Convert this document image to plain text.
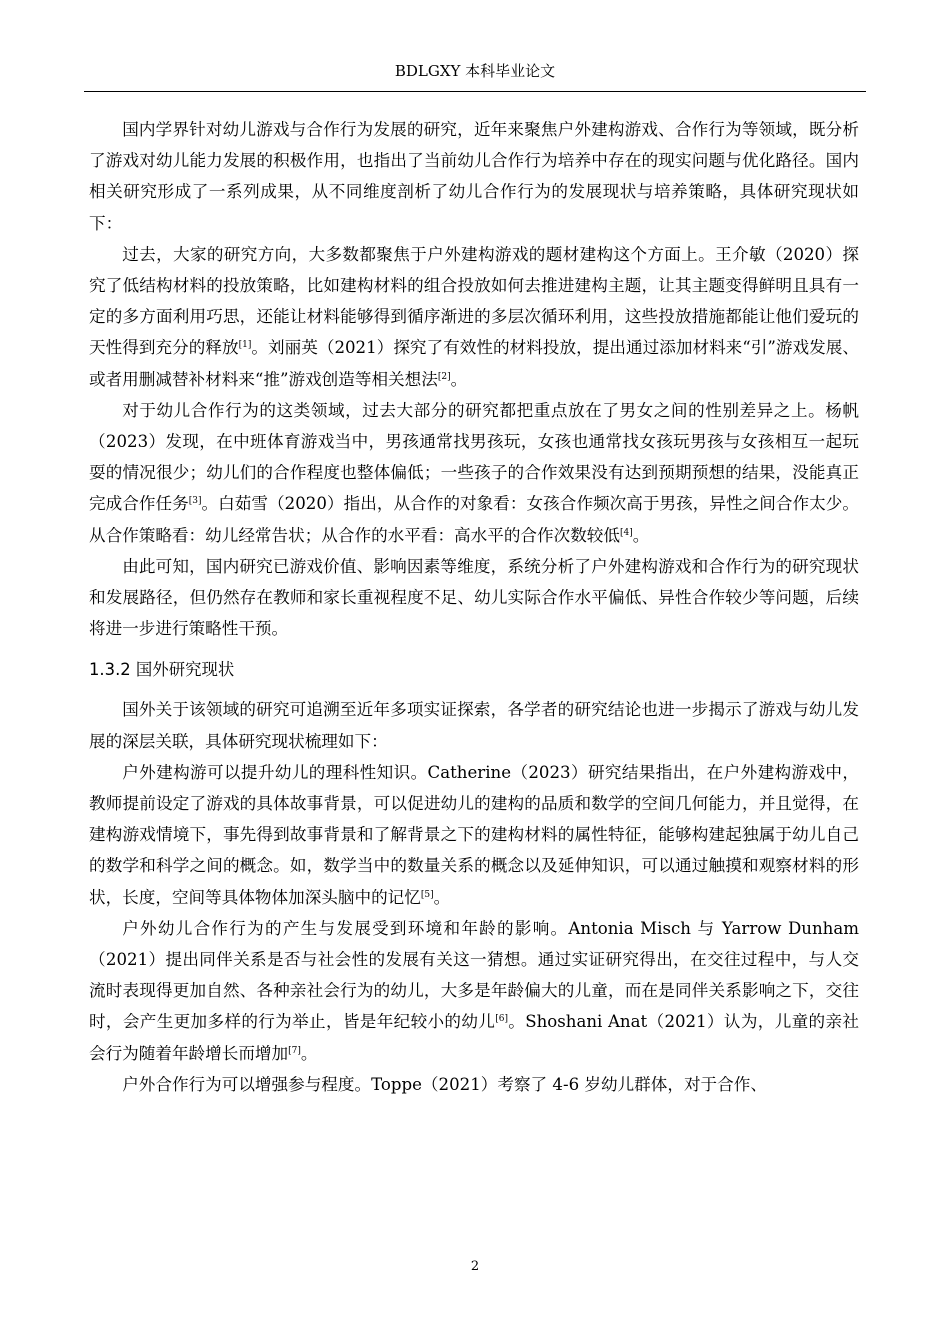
BDLGXY 本科毕业论文

国内学界针对幼儿游戏与合作行为发展的研究，近年来聚焦户外建构游戏、合作行为等领域，既分析了游戏对幼儿能力发展的积极作用，也指出了当前幼儿合作行为培养中存在的现实问题与优化路径。国内相关研究形成了一系列成果，从不同维度剖析了幼儿合作行为的发展现状与培养策略，具体研究现状如下：

过去，大家的研究方向，大多数都聚焦于户外建构游戏的题材建构这个方面上。王介敏（2020）探究了低结构材料的投放策略，比如建构材料的组合投放如何去推进建构主题，让其主题变得鲜明且具有一定的多方面利用巧思，还能让材料能够得到循序渐进的多层次循环利用，这些投放措施都能让他们爱玩的天性得到充分的释放[1]。刘丽英（2021）探究了有效性的材料投放，提出通过添加材料来“引”游戏发展、或者用删减替补材料来“推”游戏创造等相关想法[2]。

对于幼儿合作行为的这类领域，过去大部分的研究都把重点放在了男女之间的性别差异之上。杨帆（2023）发现，在中班体育游戏当中，男孩通常找男孩玩，女孩也通常找女孩玩男孩与女孩相互一起玩耍的情况很少；幼儿们的合作程度也整体偏低；一些孩子的合作效果没有达到预期预想的结果，没能真正完成合作任务[3]。白茹雪（2020）指出，从合作的对象看：女孩合作频次高于男孩，异性之间合作太少。从合作策略看：幼儿经常告状；从合作的水平看：高水平的合作次数较低[4]。

由此可知，国内研究已游戏价值、影响因素等维度，系统分析了户外建构游戏和合作行为的研究现状和发展路径，但仍然存在教师和家长重视程度不足、幼儿实际合作水平偏低、异性合作较少等问题，后续将进一步进行策略性干预。

1.3.2 国外研究现状

国外关于该领域的研究可追溯至近年多项实证探索，各学者的研究结论也进一步揭示了游戏与幼儿发展的深层关联，具体研究现状梳理如下：

户外建构游可以提升幼儿的理科性知识。Catherine（2023）研究结果指出，在户外建构游戏中，教师提前设定了游戏的具体故事背景，可以促进幼儿的建构的品质和数学的空间几何能力，并且觉得，在建构游戏情境下，事先得到故事背景和了解背景之下的建构材料的属性特征，能够构建起独属于幼儿自己的数学和科学之间的概念。如，数学当中的数量关系的概念以及延伸知识，可以通过触摸和观察材料的形状，长度，空间等具体物体加深头脑中的记忆[5]。

户外幼儿合作行为的产生与发展受到环境和年龄的影响。Antonia Misch 与 Yarrow Dunham（2021）提出同伴关系是否与社会性的发展有关这一猜想。通过实证研究得出，在交往过程中，与人交流时表现得更加自然、各种亲社会行为的幼儿，大多是年龄偏大的儿童，而在是同伴关系影响之下，交往时，会产生更加多样的行为举止，皆是年纪较小的幼儿[6]。Shoshani Anat（2021）认为，儿童的亲社会行为随着年龄增长而增加[7]。

户外合作行为可以增强参与程度。Toppe（2021）考察了 4-6 岁幼儿群体，对于合作、

2
